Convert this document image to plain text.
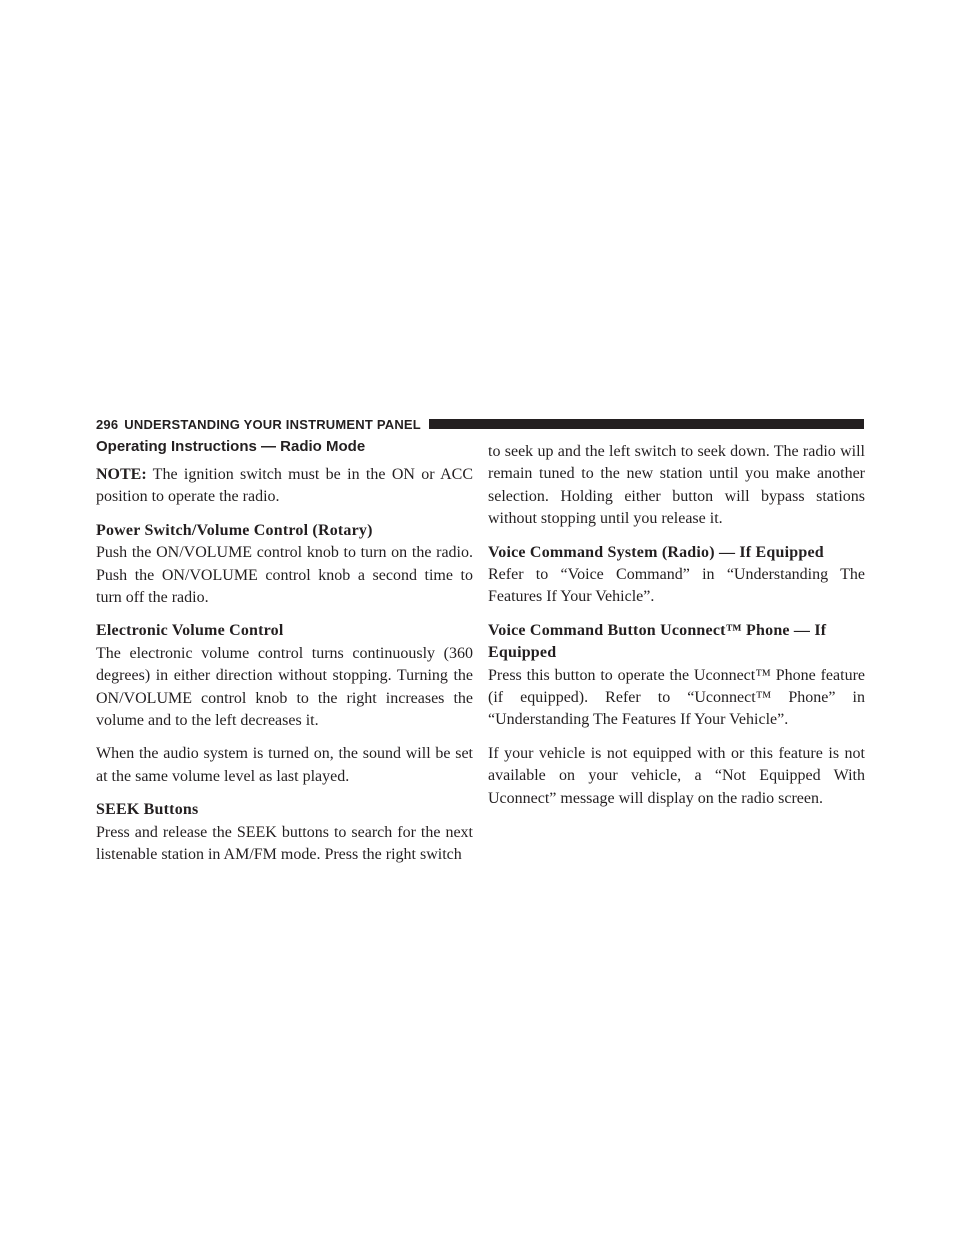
296 UNDERSTANDING YOUR INSTRUMENT PANEL
Operating Instructions — Radio Mode

NOTE: The ignition switch must be in the ON or ACC position to operate the radio.

Power Switch/Volume Control (Rotary)

Push the ON/VOLUME control knob to turn on the radio. Push the ON/VOLUME control knob a second time to turn off the radio.

Electronic Volume Control

The electronic volume control turns continuously (360 degrees) in either direction without stopping. Turning the ON/VOLUME control knob to the right increases the volume and to the left decreases it.

When the audio system is turned on, the sound will be set at the same volume level as last played.

SEEK Buttons

Press and release the SEEK buttons to search for the next listenable station in AM/FM mode. Press the right switch

to seek up and the left switch to seek down. The radio will remain tuned to the new station until you make another selection. Holding either button will bypass stations without stopping until you release it.

Voice Command System (Radio) — If Equipped

Refer to “Voice Command” in “Understanding The Features If Your Vehicle”.

Voice Command Button Uconnect™ Phone — If Equipped

Press this button to operate the Uconnect™ Phone feature (if equipped). Refer to “Uconnect™ Phone” in “Understanding The Features If Your Vehicle”.

If your vehicle is not equipped with or this feature is not available on your vehicle, a “Not Equipped With Uconnect” message will display on the radio screen.
